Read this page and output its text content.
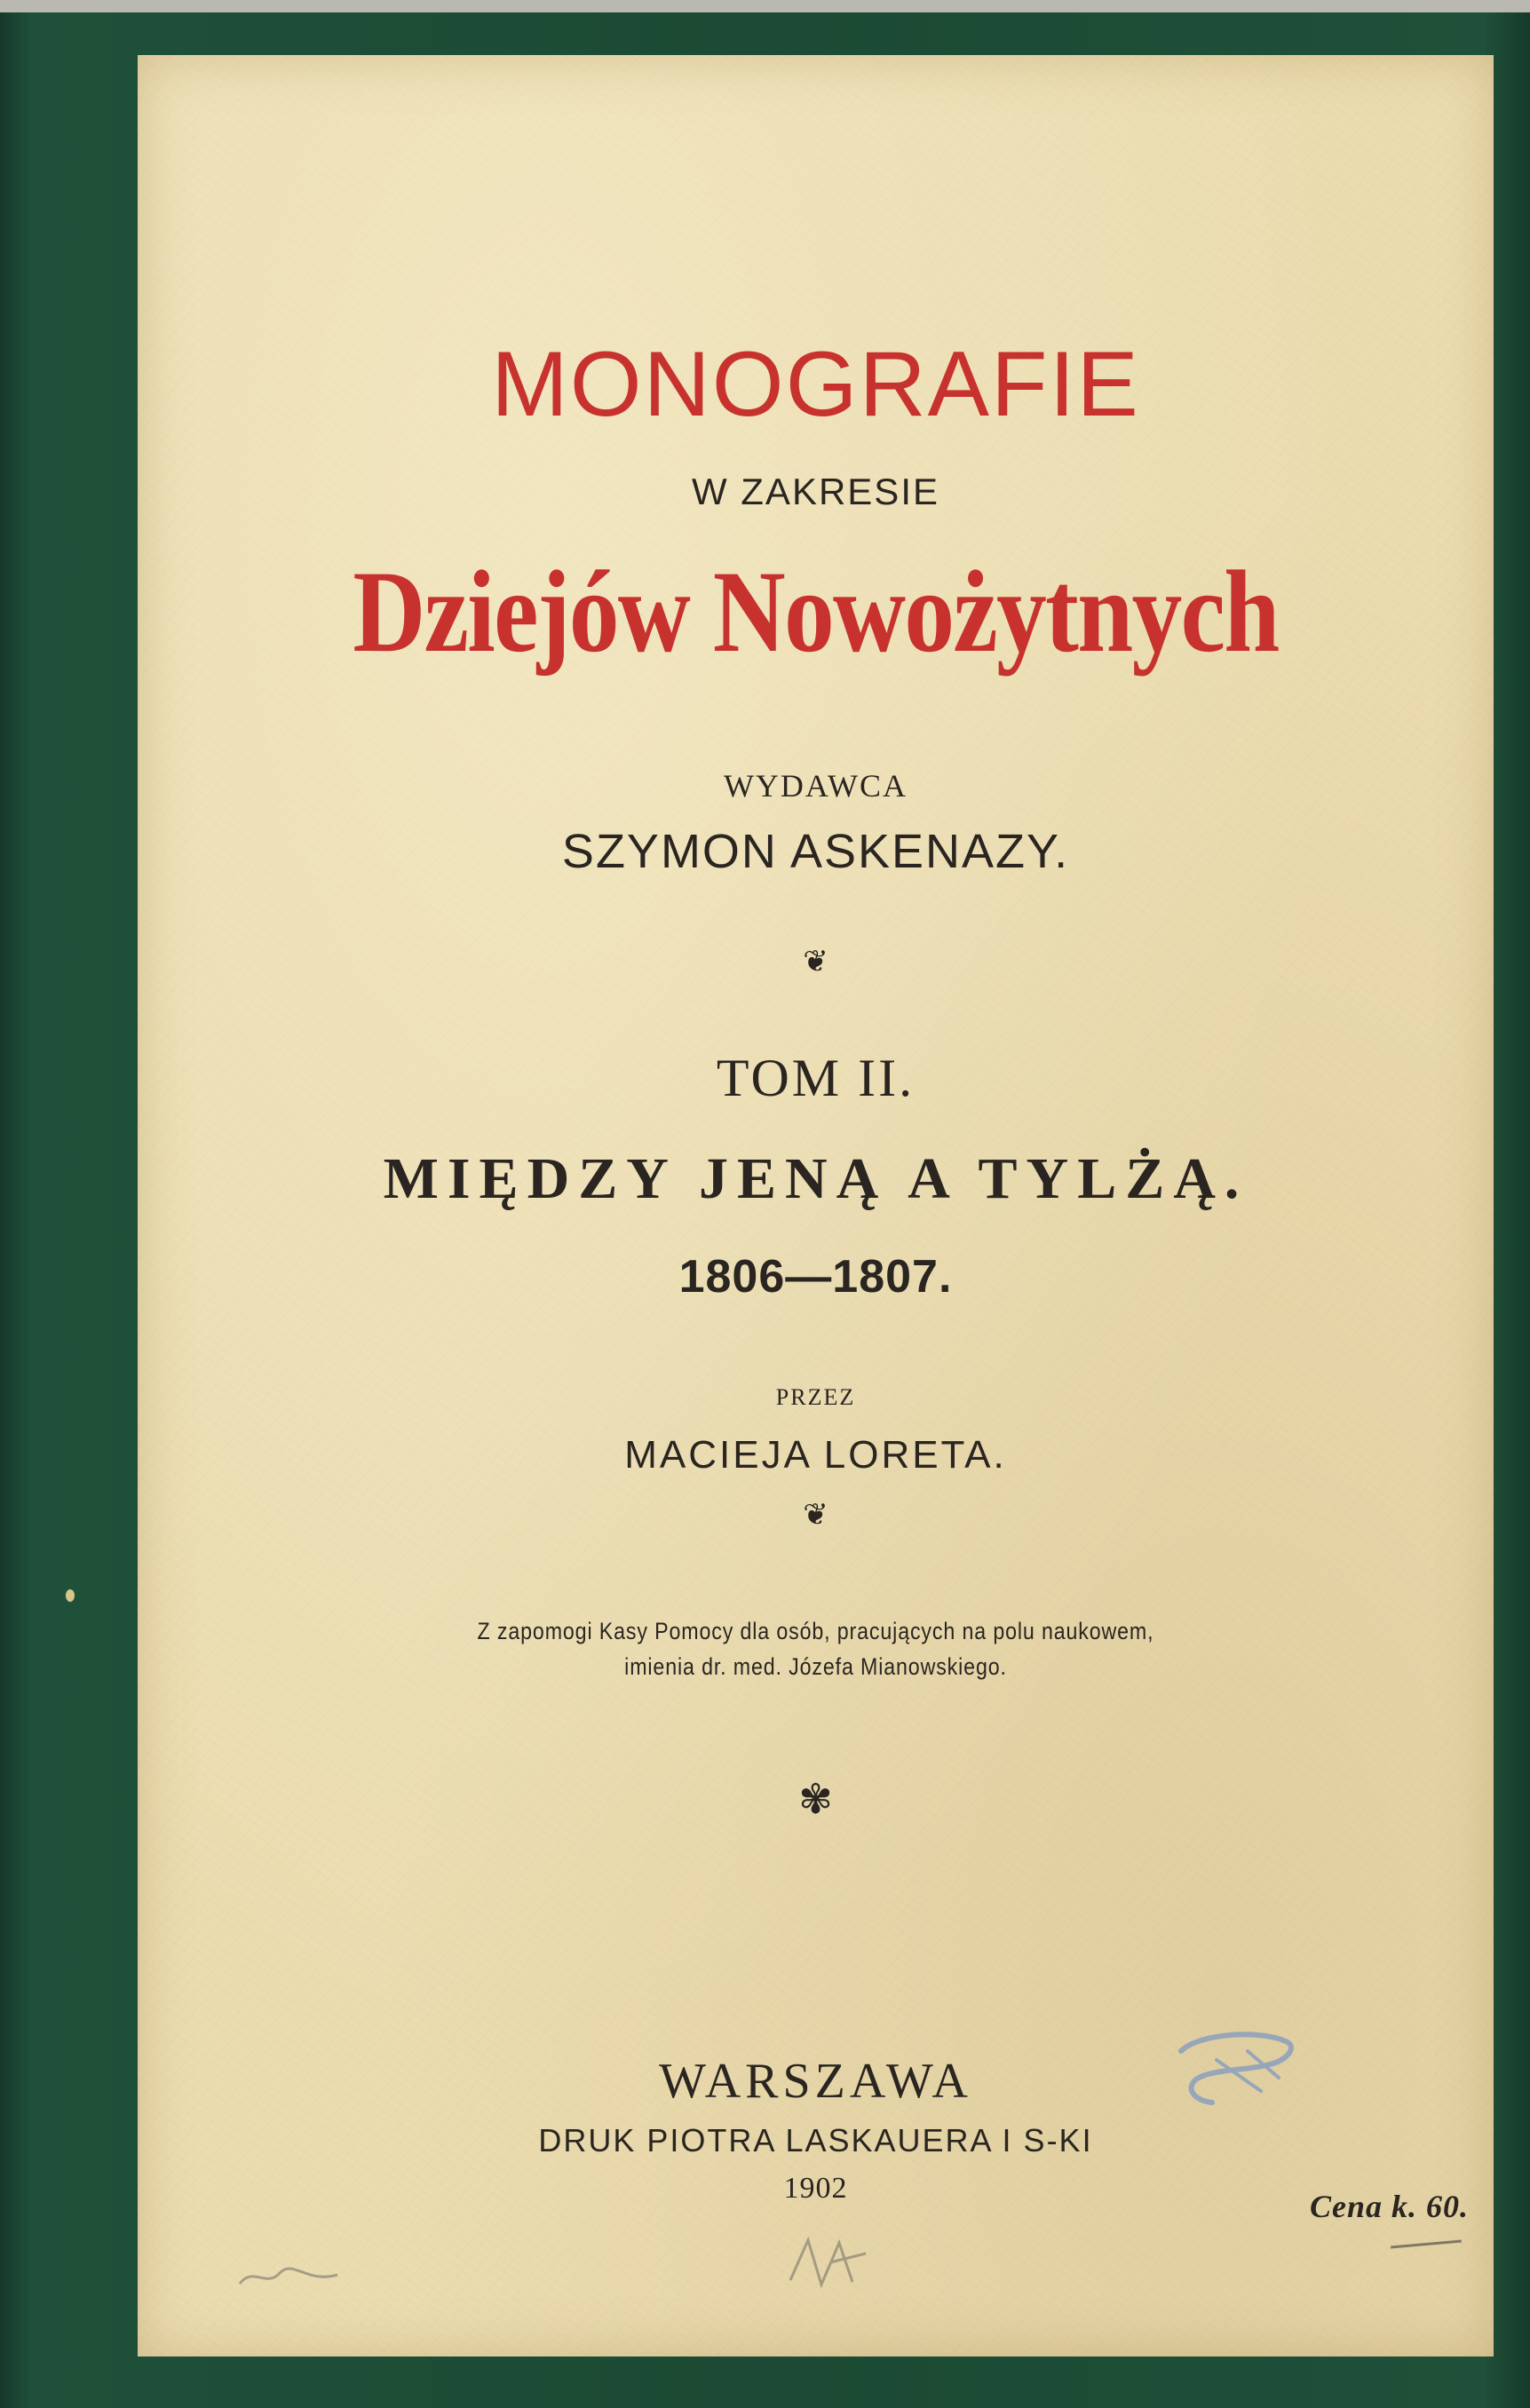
MONOGRAFIE
W ZAKRESIE
Dziejów Nowożytnych
WYDAWCA
SZYMON ASKENAZY.
❦
TOM II.
MIĘDZY JENĄ A TYLŻĄ.
1806—1807.
PRZEZ
MACIEJA LORETA.
❦
Z zapomogi Kasy Pomocy dla osób, pracujących na polu naukowem,
imienia dr. med. Józefa Mianowskiego.
✾
WARSZAWA
DRUK PIOTRA LASKAUERA I S-KI
1902
Cena k. 60.
